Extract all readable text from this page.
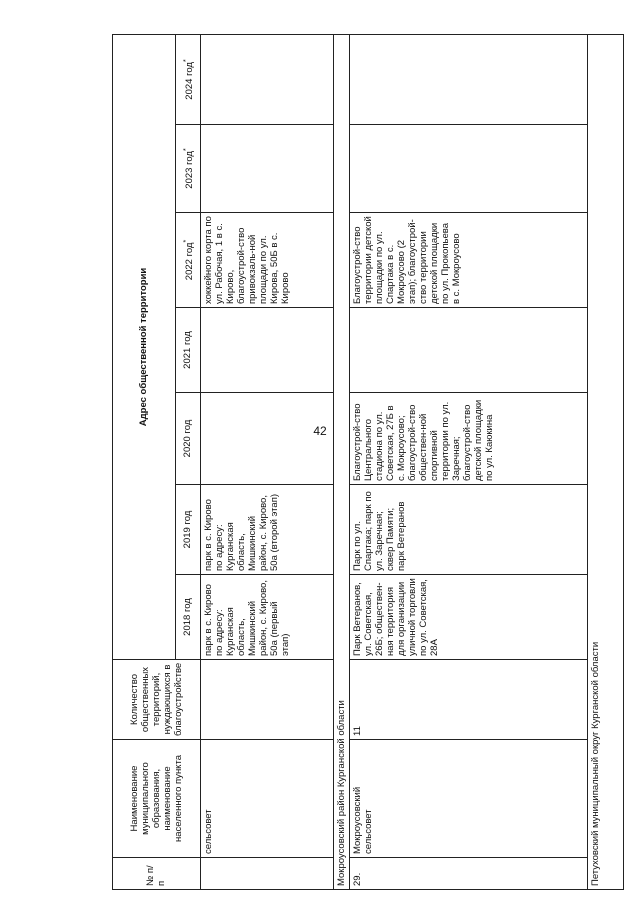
42
№ п/п	Наименование муниципального образования, наименование населенного пункта	Количество общественных территорий, нуждающихся в благоустройстве	Адрес общественной территории						
			2018 год	2019 год	2020 год	2021 год	2022 год*	2023 год*	2024 год*
	сельсовет		парк в с. Кирово по адресу: Курганская область, Мишкинский район, с. Кирово, 50а (первый этап)	парк в с. Кирово по адресу: Курганская область, Мишкинский район, с. Кирово, 50а (второй этап)			хоккейного корта по ул. Рабочая, 1 в с. Кирово, благоустрой-ство привокзаль-ной площади по ул. Кирова, 50Б в с. Кирово		
Мокроусовский район Курганской области									
29.	Мокроусовский сельсовет	11	Парк Ветеранов, ул. Советская, 26Б; обществен-ная территория для организации уличной торговли по ул. Советская, 28А	Парк по ул. Спартака; парк по ул. Заречная; сквер Памяти; парк Ветеранов	Благоустрой-ство Центрального стадиона по ул. Советская, 27Б в с. Мокроусово; благоустрой-ство обществен-ной спортивной территории по ул. Заречная; благоустрой-ство детской площадки по ул. Каюкина		Благоустрой-ство территории детской площадки по ул. Спартака в с. Мокроусово (2 этап); благоустрой-ство территории детской площадки по ул. Прокопьева в с. Мокроусово		
Петуховский муниципальный округ Курганской области									
